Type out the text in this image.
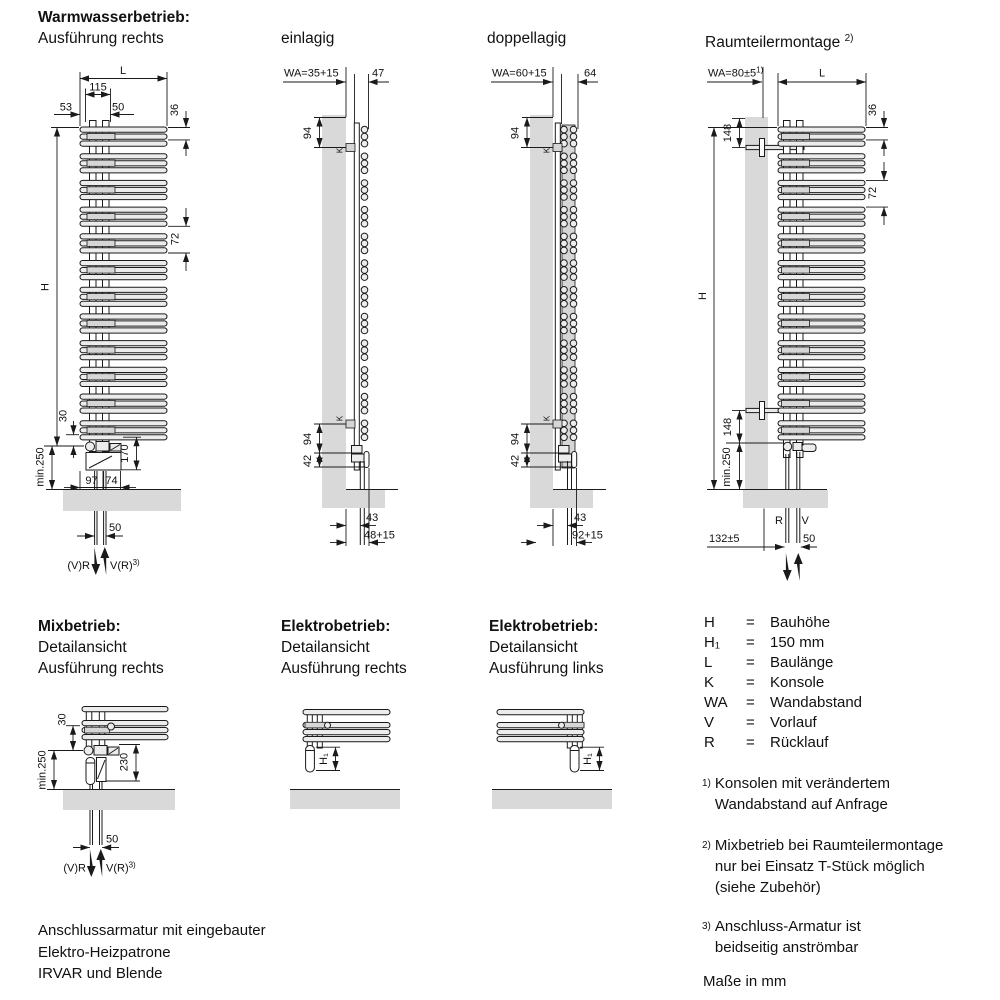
L
115
53	50	36
72
H
30
min.250	170
97 74
50
(V)R $V(R)^{3)}$
WA=35+15	47
K
K
94
94
42
43
48+15
WA=60+15	64
K
K
94
94
42
43
92+15
$WA=80\pm 5^{1)}$	L
36
72
148
H
148
min.250
132±5	50
R V
30
min.250	230
50
(V)R $V(R)^{3)}$
H₁	H₁
Warmwasserbetrieb:
Ausführung rechts	einlagig	doppellagig	Raumteilermontage $^{2)}$
Mixbetrieb:
Detailansicht
Ausführung rechts
Elektrobetrieb:
Detailansicht
Ausführung rechts
Elektrobetrieb:
Detailansicht
Ausführung links
H	=	Bauhöhe
H₁	=	150 mm
L	=	Baulänge
K	=	Konsole
WA	=	Wandabstand
V	=	Vorlauf
R	=	Rücklauf
1) Konsolen mit verändertem
Wandabstand auf Anfrage
2) Mixbetrieb bei Raumteilermontage
nur bei Einsatz T-Stück möglich
(siehe Zubehör)
3) Anschluss-Armatur ist
beidseitig anströmbar
Maße in mm
Anschlussarmatur mit eingebauter
Elektro-Heizpatrone
IRVAR und Blende
